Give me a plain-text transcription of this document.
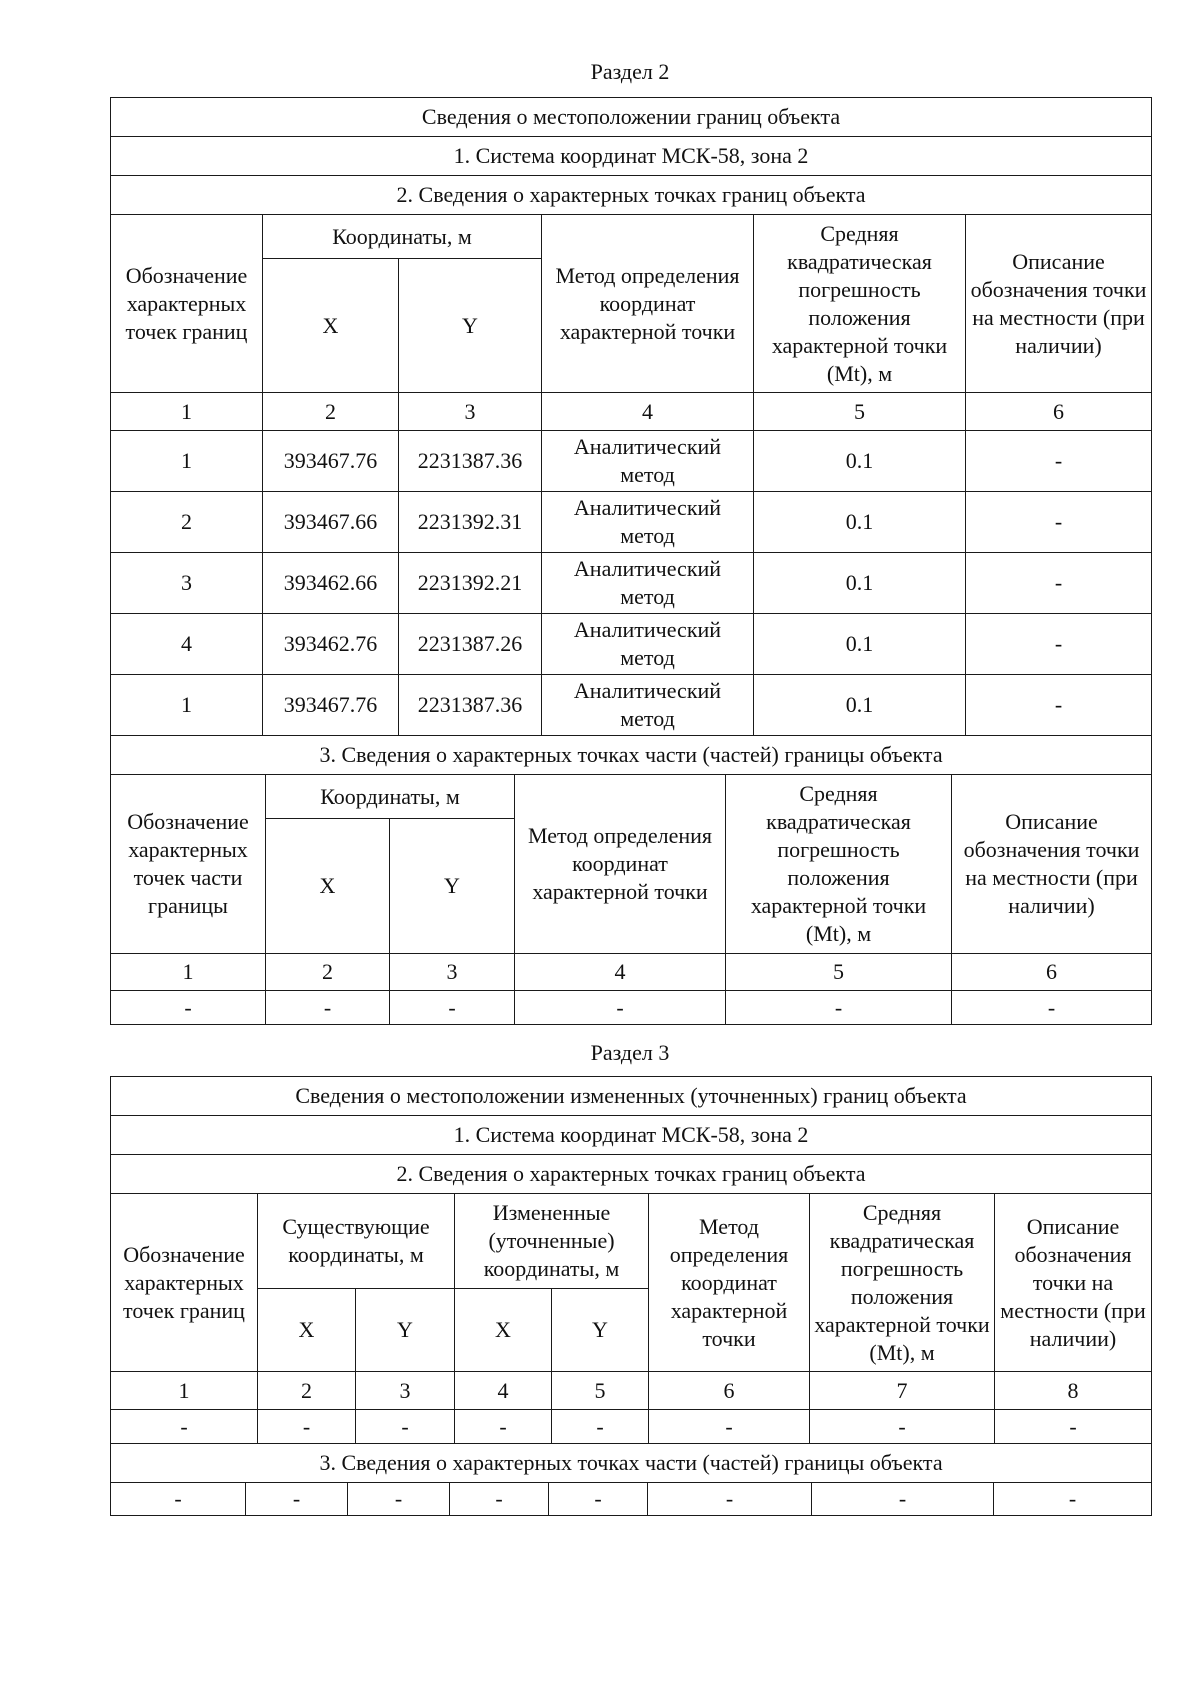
Раздел 2
Сведения о местоположении границ объекта					
1. Система координат МСК-58, зона 2					
2. Сведения о характерных точках границ объекта					
Обозначение характерных точек границ	Координаты, м		Метод определения координат характерной точки	Средняя квадратическая погрешность положения характерной точки (Mt), м	Описание обозначения точки на местности (при наличии)
	X	Y			
1	2	3	4	5	6
1	393467.76	2231387.36	Аналитический метод	0.1	-
2	393467.66	2231392.31	Аналитический метод	0.1	-
3	393462.66	2231392.21	Аналитический метод	0.1	-
4	393462.76	2231387.26	Аналитический метод	0.1	-
1	393467.76	2231387.36	Аналитический метод	0.1	-
3. Сведения о характерных точках части (частей) границы объекта					
Обозначение характерных точек части границы	Координаты, м		Метод определения координат характерной точки	Средняя квадратическая погрешность положения характерной точки (Mt), м	Описание обозначения точки на местности (при наличии)
	X	Y			
1	2	3	4	5	6
-	-	-	-	-	-
Раздел 3
Сведения о местоположении измененных (уточненных) границ объекта							
1. Система координат МСК-58, зона 2							
2. Сведения о характерных точках границ объекта							
Обозначение характерных точек границ	Существующие координаты, м		Измененные (уточненные) координаты, м		Метод определения координат характерной точки	Средняя квадратическая погрешность положения характерной точки (Mt), м	Описание обозначения точки на местности (при наличии)
	X	Y	X	Y			
1	2	3	4	5	6	7	8
-	-	-	-	-	-	-	-
3. Сведения о характерных точках части (частей) границы объекта
-	-	-	-	-	-	-	-
